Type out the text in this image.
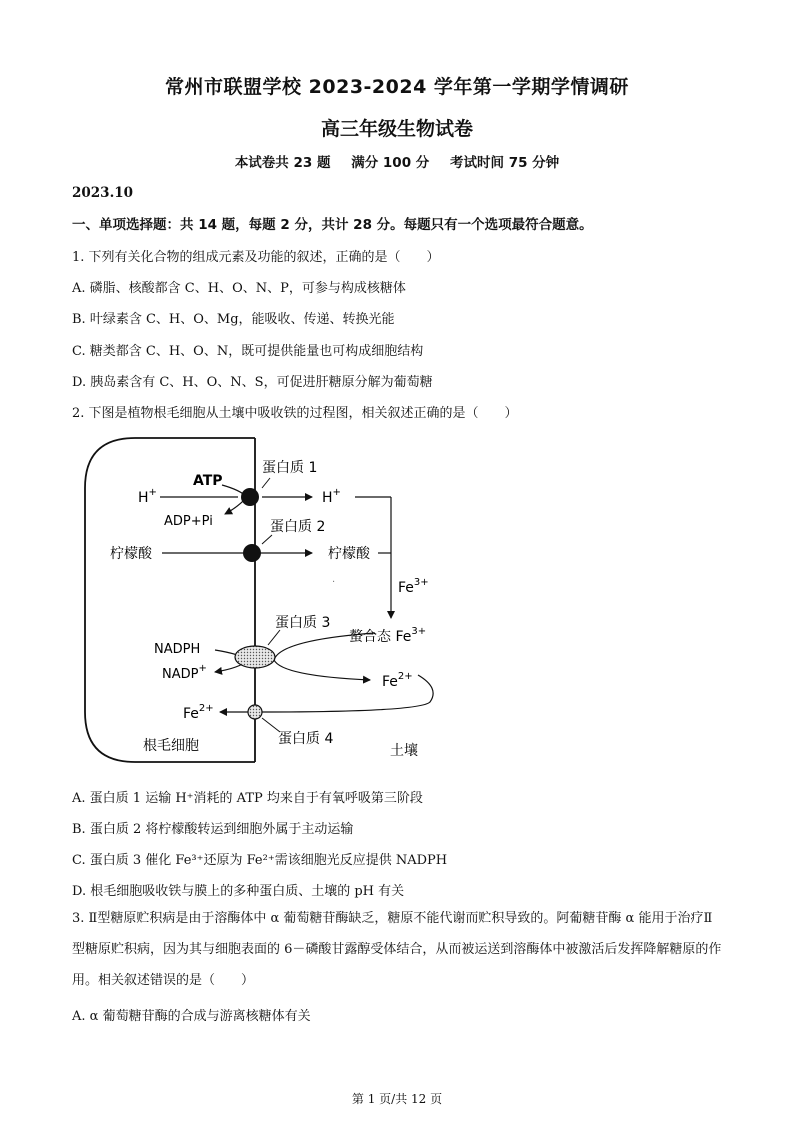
常州市联盟学校 2023-2024 学年第一学期学情调研
高三年级生物试卷
本试卷共 23 题 满分 100 分 考试时间 75 分钟
2023.10
一、单项选择题：共 14 题，每题 2 分，共计 28 分。每题只有一个选项最符合题意。
1. 下列有关化合物的组成元素及功能的叙述，正确的是（　　）
A. 磷脂、核酸都含 C、H、O、N、P，可参与构成核糖体
B. 叶绿素含 C、H、O、Mg，能吸收、传递、转换光能
C. 糖类都含 C、H、O、N，既可提供能量也可构成细胞结构
D. 胰岛素含有 C、H、O、N、S，可促进肝糖原分解为葡萄糖
2. 下图是植物根毛细胞从土壤中吸收铁的过程图，相关叙述正确的是（　　）
.
ATP
蛋白质 1
H+	H+
ADP+Pi	蛋白质 2
柠檬酸	柠檬酸
$Fe^{3+}$
蛋白质 3
螯合态 $Fe^{3+}$
NADPH
NADP+
$Fe^{2+}$
$Fe^{2+}$
根毛细胞	蛋白质 4
土壤
A. 蛋白质 1 运输 H⁺消耗的 ATP 均来自于有氧呼吸第三阶段
B. 蛋白质 2 将柠檬酸转运到细胞外属于主动运输
C. 蛋白质 3 催化 Fe³⁺还原为 Fe²⁺需该细胞光反应提供 NADPH
D. 根毛细胞吸收铁与膜上的多种蛋白质、土壤的 pH 有关
3. Ⅱ型糖原贮积病是由于溶酶体中 α 葡萄糖苷酶缺乏，糖原不能代谢而贮积导致的。阿葡糖苷酶 α 能用于治疗Ⅱ型糖原贮积病，因为其与细胞表面的 6－磷酸甘露醇受体结合，从而被运送到溶酶体中被激活后发挥降解糖原的作用。相关叙述错误的是（　　）
A. α 葡萄糖苷酶的合成与游离核糖体有关
第 1 页/共 12 页
